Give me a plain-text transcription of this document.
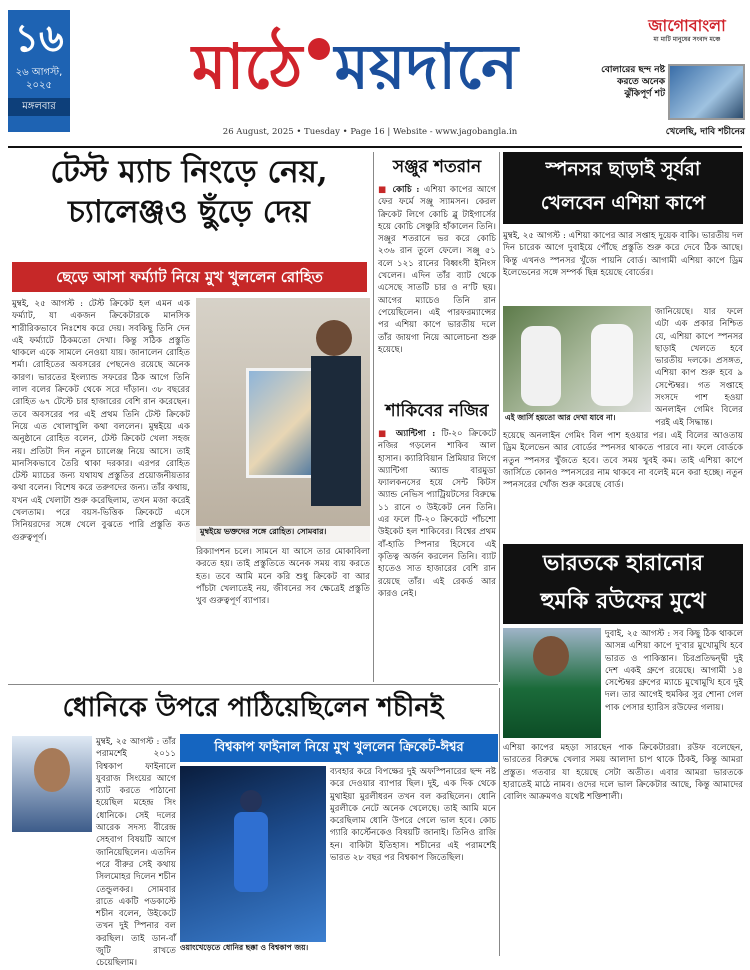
১৬
২৬ আগস্ট, ২০২৫
মঙ্গলবার
মাঠে ময়দানে
26 August, 2025 • Tuesday • Page 16 | Website - www.jagobangla.in
জাগোবাংলা
মা মাটি মানুষের সংবাদ মঞ্চে
বোলারের ছন্দ নষ্ট করতে অনেক ঝুঁকিপূর্ণ শট
খেলেছি, দাবি শচীনের
টেস্ট ম্যাচ নিংড়ে নেয়,
চ্যালেঞ্জও ছুঁড়ে দেয়
ছেড়ে আসা ফর্ম্যাট নিয়ে মুখ খুললেন রোহিত
মুম্বই, ২৫ আগস্ট : টেস্ট ক্রিকেট হল এমন এক ফর্ম্যাট, যা একজন ক্রিকেটারকে মানসিক শারীরিকভাবে নিঃশেষ করে দেয়। সবকিছু তিনি দেন এই ফর্ম্যাটে ঠিকমতো দেখা। কিন্তু সঠিক প্রস্তুতি থাকলে একে সামলে নেওয়া যায়। জানালেন রোহিত শর্মা। রোহিতের অবসরের পেছনেও রয়েছে অনেক কারণ। ভারতের ইংল্যান্ড সফরের ঠিক আগে তিনি লাল বলের ক্রিকেট থেকে সরে দাঁড়ান। ৩৮ বছরের রোহিত ৬৭ টেস্টে চার হাজারের বেশি রান করেছেন। তবে অবসরের পর এই প্রথম তিনি টেস্ট ক্রিকেট নিয়ে এত খোলাখুলি কথা বললেন। মুম্বইয়ে এক অনুষ্ঠানে রোহিত বলেন, টেস্ট ক্রিকেট খেলা সহজ নয়। প্রতিটা দিন নতুন চ্যালেঞ্জ নিয়ে আসে। তাই মানসিকভাবে তৈরি থাকা দরকার। এরপর রোহিত টেস্ট ম্যাচের জন্য যথাযথ প্রস্তুতির প্রয়োজনীয়তার কথা বলেন। বিশেষ করে তরুণদের জন্য। তাঁর কথায়, যখন এই খেলাটা শুরু করেছিলাম, তখন মজা করেই খেলতাম। পরে বয়স-ভিত্তিক ক্রিকেটে এসে সিনিয়রদের সঙ্গে খেলে বুঝতে পারি প্রস্তুতি কত গুরুত্বপূর্ণ।
মুম্বইয়ে ভক্তদের সঙ্গে রোহিত। সোমবার।
রিক্যাপশন চলে। সামনে যা আসে তার মোকাবিলা করতে হয়। তাই প্রস্তুতিতে অনেক সময় ব্যয় করতে হত। তবে আমি মনে করি শুধু ক্রিকেট বা আর পাঁচটা খেলাতেই নয়, জীবনের সব ক্ষেত্রেই প্রস্তুতি খুব গুরুত্বপূর্ণ ব্যাপার।
সঞ্জুর শতরান
■ কোচি : এশিয়া কাপের আগে ফের ফর্মে সঞ্জু স্যামসন। কেরল ক্রিকেট লিগে কোচি ব্লু টাইগার্সের হয়ে কোচি সেঞ্চুরি হাঁকালেন তিনি। সঞ্জুর শতরানে ভর করে কোচি ২৩৬ রান তুলে ফেলে। সঞ্জু ৫১ বলে ১২১ রানের বিধ্বংসী ইনিংস খেলেন। এদিন তাঁর ব্যাট থেকে এসেছে সাতটি চার ও ন'টি ছয়। আগের ম্যাচেও তিনি রান পেয়েছিলেন। এই পারফরম্যান্সের পর এশিয়া কাপে ভারতীয় দলে তাঁর জায়গা নিয়ে আলোচনা শুরু হয়েছে।
শাকিবের নজির
■ অ্যান্টিগা : টি-২০ ক্রিকেটে নজির গড়লেন শাকিব আল হাসান। ক্যারিবিয়ান প্রিমিয়ার লিগে অ্যান্টিগা অ্যান্ড বারমুডা ফ্যালকনসের হয়ে সেন্ট কিটস অ্যান্ড নেভিস প্যাট্রিয়টসের বিরুদ্ধে ১১ রানে ৩ উইকেট নেন তিনি। এর ফলে টি-২০ ক্রিকেটে পাঁচশো উইকেট হল শাকিবের। বিশ্বের প্রথম বাঁ-হাতি স্পিনার হিসেবে এই কৃতিত্ব অর্জন করলেন তিনি। ব্যাট হাতেও সাত হাজারের বেশি রান রয়েছে তাঁর। এই রেকর্ড আর কারও নেই।
স্পনসর ছাড়াই সূর্যরা
খেলবেন এশিয়া কাপে
মুম্বই, ২৫ আগস্ট : এশিয়া কাপের আর সপ্তাহ দুয়েক বাকি। ভারতীয় দল দিন চারেক আগে দুবাইয়ে পৌঁছে প্রস্তুতি শুরু করে দেবে ঠিক আছে। কিন্তু এখনও স্পনসর খুঁজে পায়নি বোর্ড। আগামী এশিয়া কাপে ড্রিম ইলেভেনের সঙ্গে সম্পর্ক ছিন্ন হয়েছে বোর্ডের।
এই জার্সি হয়তো আর দেখা যাবে না।
জানিয়েছে। যার ফলে এটা এক প্রকার নিশ্চিত যে, এশিয়া কাপে স্পনসর ছাড়াই খেলতে হবে ভারতীয় দলকে। প্রসঙ্গত, এশিয়া কাপ শুরু হবে ৯ সেপ্টেম্বর। গত সপ্তাহে সংসদে পাশ হওয়া অনলাইন গেমিং বিলের পরই এই সিদ্ধান্ত।
হয়েছে অনলাইন গেমিং বিল পাশ হওয়ার পর। এই বিলের আওতায় ড্রিম ইলেভেন আর বোর্ডের স্পনসর থাকতে পারবে না। ফলে বোর্ডকে নতুন স্পনসর খুঁজতে হবে। তবে সময় খুবই কম। তাই এশিয়া কাপে জার্সিতে কোনও স্পনসরের নাম থাকবে না বলেই মনে করা হচ্ছে। নতুন স্পনসরের খোঁজ শুরু করেছে বোর্ড।
ভারতকে হারানোর
হুমকি রউফের মুখে
দুবাই, ২৫ আগস্ট : সব কিছু ঠিক থাকলে আসন্ন এশিয়া কাপে দু'বার মুখোমুখি হবে ভারত ও পাকিস্তান। চিরপ্রতিদ্বন্দ্বী দুই দেশ একই গ্রুপে রয়েছে। আগামী ১৪ সেপ্টেম্বর গ্রুপের ম্যাচে মুখোমুখি হবে দুই দল। তার আগেই হুমকির সুর শোনা গেল পাক পেসার হ্যারিস রউফের গলায়।
এশিয়া কাপের মহড়া সারছেন পাক ক্রিকেটাররা। রউফ বলেছেন, ভারতের বিরুদ্ধে খেলার সময় আলাদা চাপ থাকে ঠিকই, কিন্তু আমরা প্রস্তুত। গতবার যা হয়েছে সেটা অতীত। এবার আমরা ভারতকে হারাতেই মাঠে নামব। ওদের দলে ভাল ক্রিকেটার আছে, কিন্তু আমাদের বোলিং আক্রমণও যথেষ্ট শক্তিশালী।
ধোনিকে উপরে পাঠিয়েছিলেন শচীনই
মুম্বই, ২৫ আগস্ট : তাঁর পরামর্শেই ২০১১ বিশ্বকাপ ফাইনালে যুবরাজ সিংয়ের আগে ব্যাট করতে পাঠানো হয়েছিল মহেন্দ্র সিং ধোনিকে। সেই দলের আরেক সদস্য বীরেন্দ্র সেহবাগ বিষয়টি আগে জানিয়েছিলেন। এতদিন পরে বীরুর সেই কথায় সিলমোহর দিলেন শচীন তেন্ডুলকর। সোমবার রাতে একটি পডকাস্টে শচীন বলেন, উইকেটে তখন দুই স্পিনার বল করছিল। তাই ডান-বাঁ জুটি রাখতে চেয়েছিলাম।
বিশ্বকাপ ফাইনাল নিয়ে মুখ খুললেন ক্রিকেট-ঈশ্বর
ওয়াংখেড়েতে ধোনির ছক্কা ও বিশ্বকাপ জয়।
ব্যবহার করে বিপক্ষের দুই অফস্পিনারের ছন্দ নষ্ট করে দেওয়ার ব্যাপার ছিল। দুই, এক দিক থেকে মুথাইয়া মুরলীধরন তখন বল করছিলেন। ধোনি মুরলীকে নেটে অনেক খেলেছে। তাই আমি মনে করেছিলাম ধোনি উপরে গেলে ভাল হবে। কোচ গ্যারি কার্স্টেনকেও বিষয়টি জানাই। তিনিও রাজি হন। বাকিটা ইতিহাস। শচীনের এই পরামর্শেই ভারত ২৮ বছর পর বিশ্বকাপ জিতেছিল।
